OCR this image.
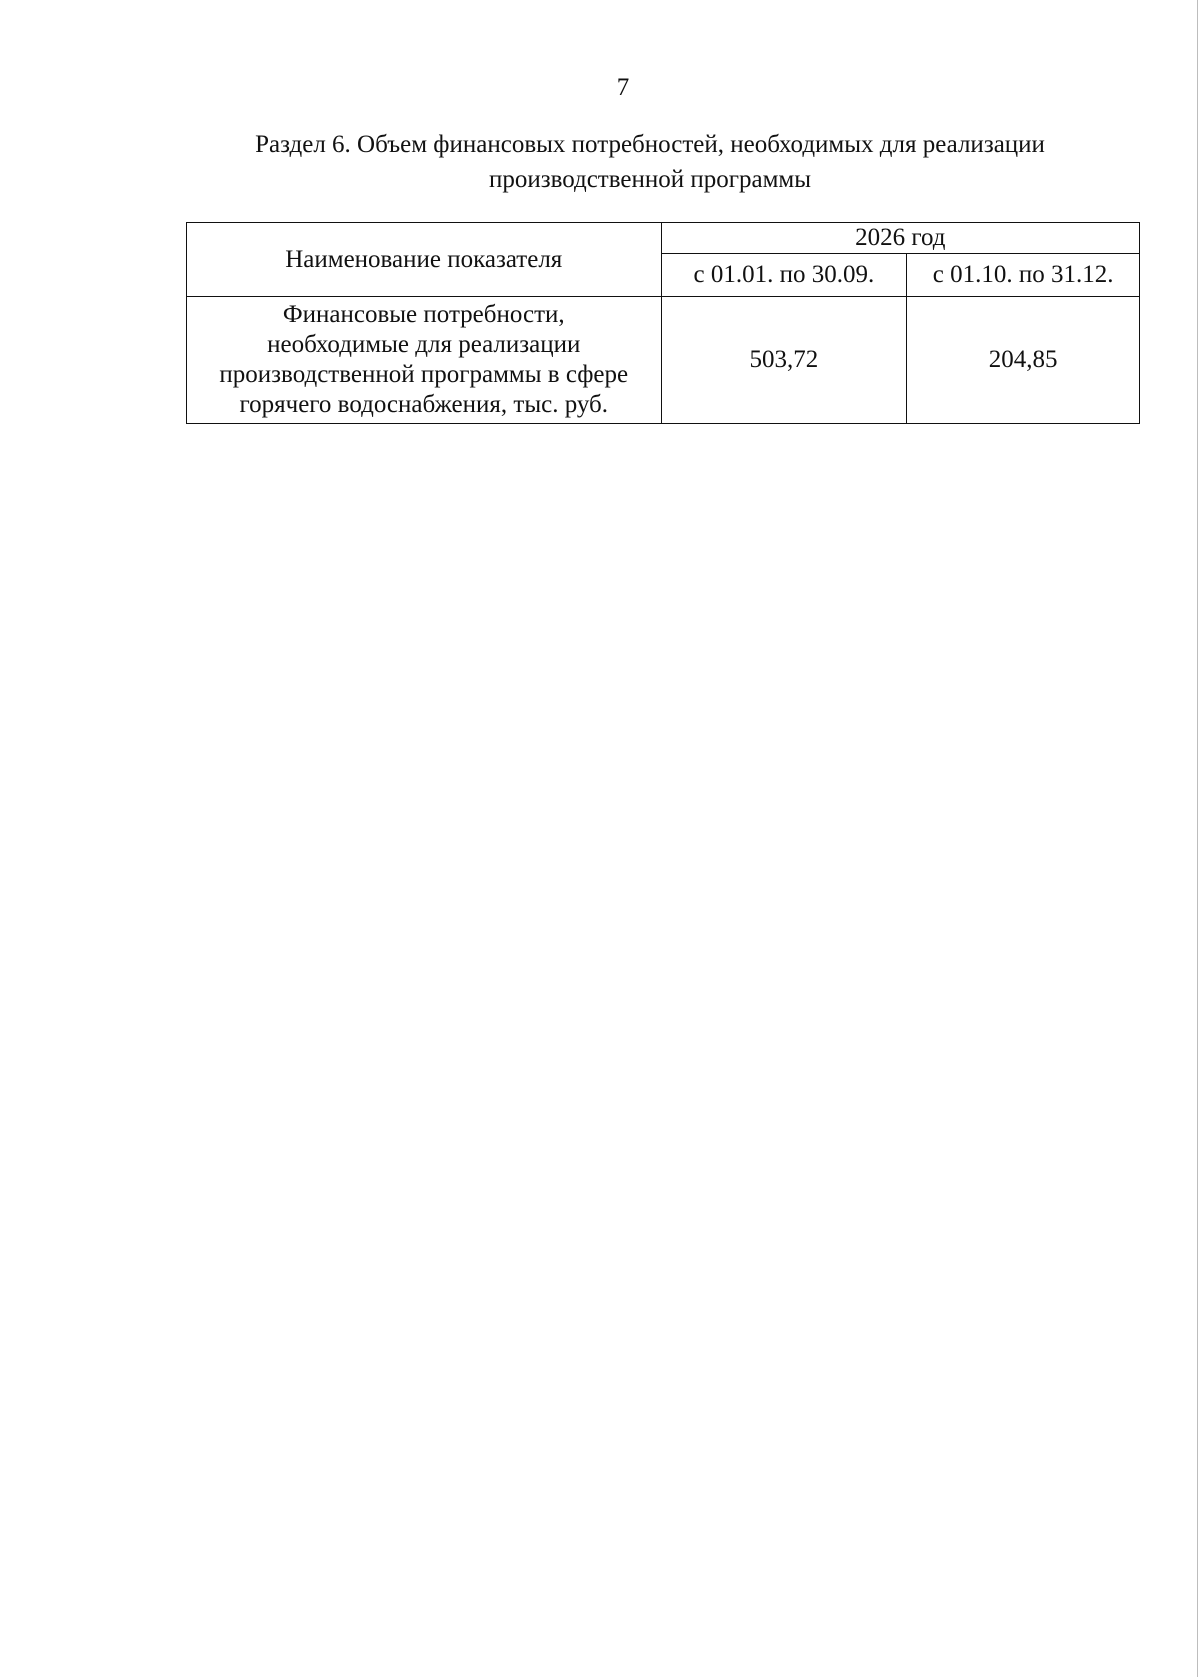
7
Раздел 6. Объем финансовых потребностей, необходимых для реализации
производственной программы
Наименование показателя	2026 год	
	с 01.01. по 30.09.	с 01.10. по 31.12.

Финансовые потребности,
необходимые для реализации
производственной программы в сфере
горячего водоснабжения, тыс. руб.	503,72	204,85
